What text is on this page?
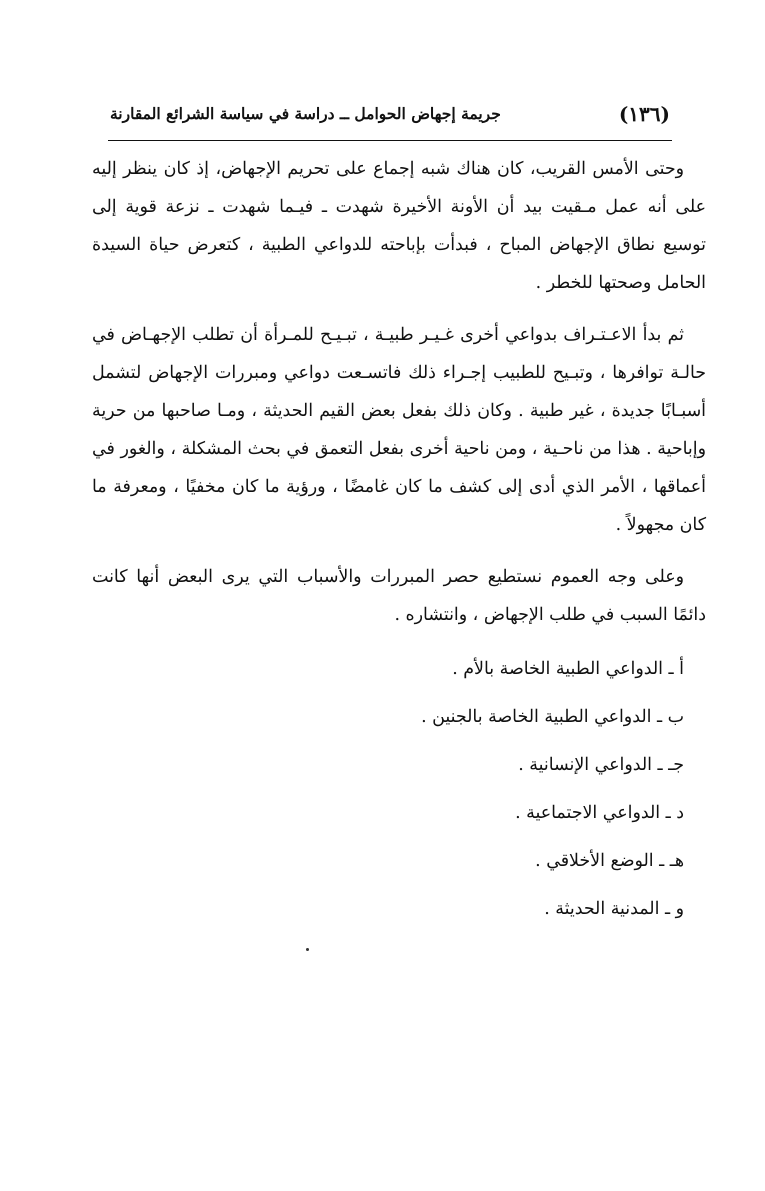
(١٣٦)
جريمة إجهاض الحوامل ــ دراسة في سياسة الشرائع المقارنة

وحتى الأمس القريب، كان هناك شبه إجماع على تحريم الإجهاض، إذ كان ينظر إليه على أنه عمل مـقيت بيد أن الأونة الأخيرة شهدت ـ فيـما شهدت ـ نزعة قوية إلى توسيع نطاق الإجهاض المباح ، فبدأت بإباحته للدواعي الطبية ، كتعرض حياة السيدة الحامل وصحتها للخطر .

ثم بدأ الاعـتـراف بدواعي أخرى غـيـر طبيـة ، تبـيـح للمـرأة أن تطلب الإجهـاض في حالـة توافرها ، وتبـيح للطبيب إجـراء ذلك فاتسـعت دواعي ومبررات الإجهاض لتشمل أسبـابًا جديدة ، غير طبية . وكان ذلك بفعل بعض القيم الحديثة ، ومـا صاحبها من حرية وإباحية . هذا من ناحـية ، ومن ناحية أخرى بفعل التعمق في بحث المشكلة ، والغور في أعماقها ، الأمر الذي أدى إلى كشف ما كان غامضًا ، ورؤية ما كان مخفيًا ، ومعرفة ما كان مجهولاً .

وعلى وجه العموم نستطيع حصر المبررات والأسباب التي يرى البعض أنها كانت دائمًا السبب في طلب الإجهاض ، وانتشاره .

أ ـ الدواعي الطبية الخاصة بالأم .
ب ـ الدواعي الطبية الخاصة بالجنين .
جـ ـ الدواعي الإنسانية .
د ـ الدواعي الاجتماعية .
هـ ـ الوضع الأخلاقي .
و ـ المدنية الحديثة .
